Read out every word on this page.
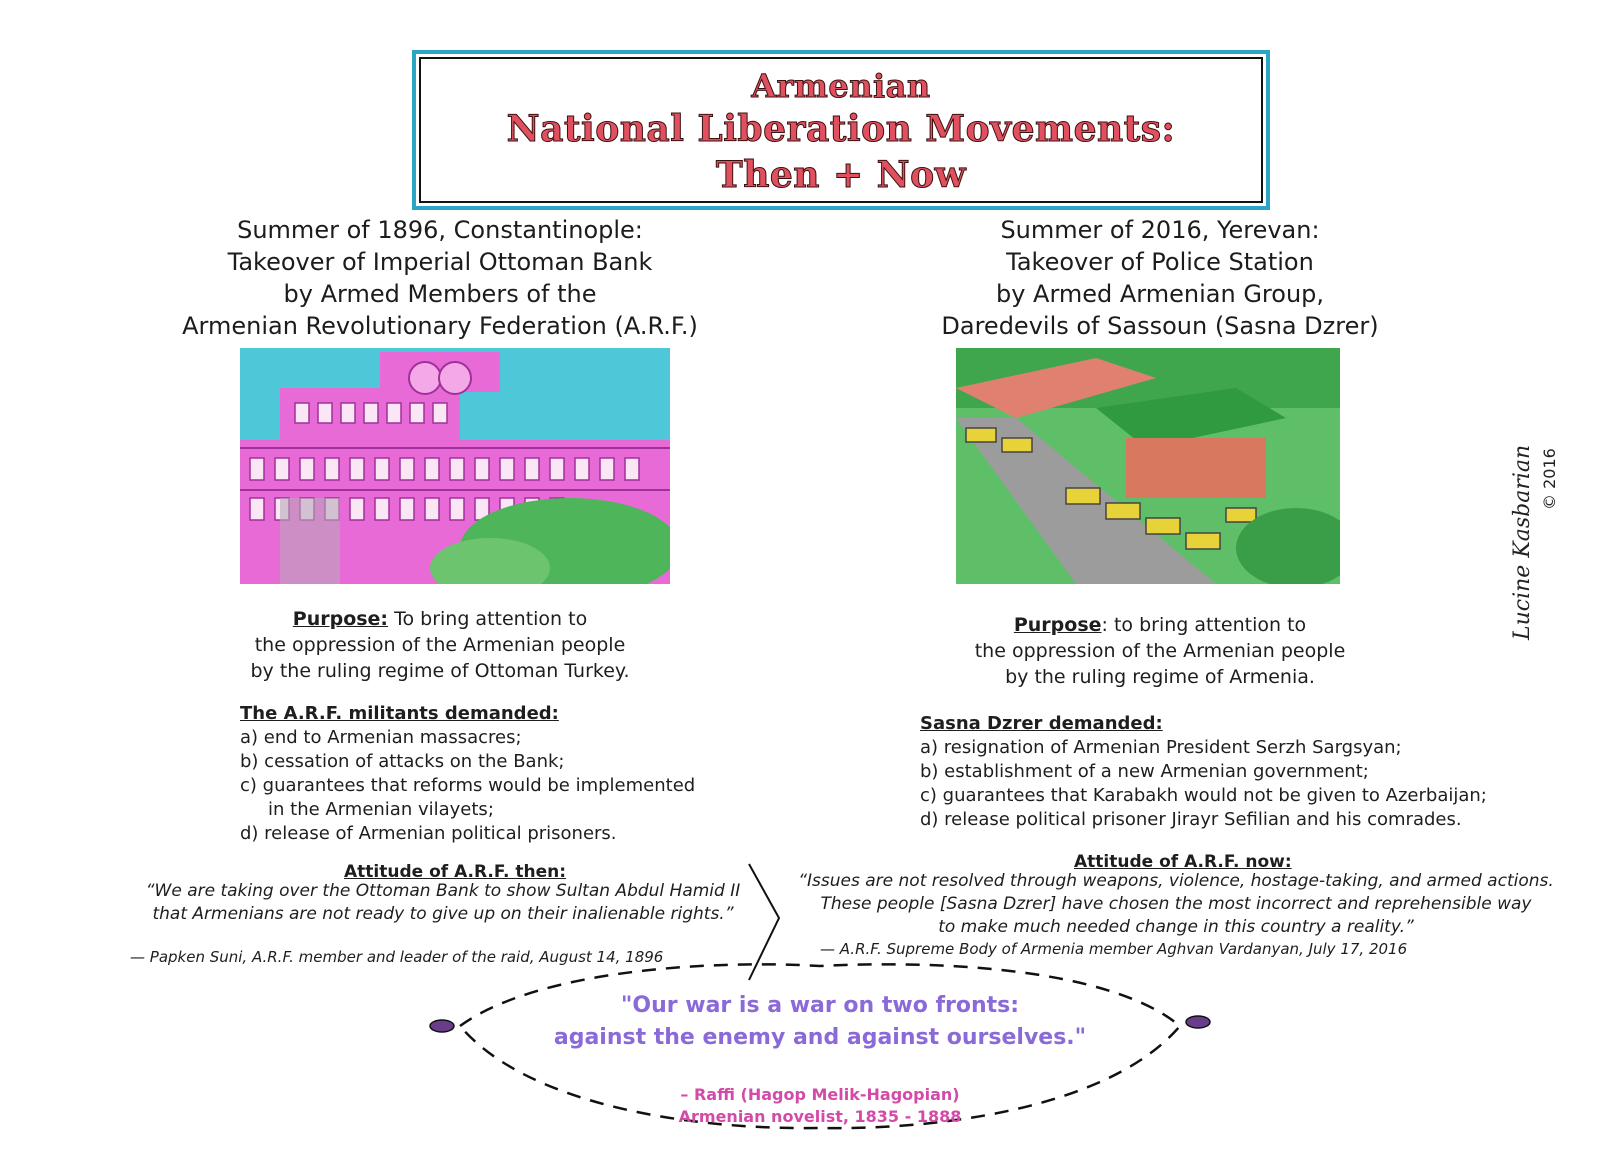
Armenian
National Liberation Movements:
Then + Now
Summer of 1896, Constantinople:
Takeover of Imperial Ottoman Bank
by Armed Members of the
Armenian Revolutionary Federation (A.R.F.)
Summer of 2016, Yerevan:
Takeover of Police Station
by Armed Armenian Group,
Daredevils of Sassoun (Sasna Dzrer)
Purpose: To bring attention to
the oppression of the Armenian people
by the ruling regime of Ottoman Turkey.
Purpose: to bring attention to
the oppression of the Armenian people
by the ruling regime of Armenia.
The A.R.F. militants demanded:
a) end to Armenian massacres;
b) cessation of attacks on the Bank;
c) guarantees that reforms would be implemented
in the Armenian vilayets;
d) release of Armenian political prisoners.
Sasna Dzrer demanded:
a) resignation of Armenian President Serzh Sargsyan;
b) establishment of a new Armenian government;
c) guarantees that Karabakh would not be given to Azerbaijan;
d) release political prisoner Jirayr Sefilian and his comrades.
Attitude of A.R.F. then:	Attitude of A.R.F. now:
“We are taking over the Ottoman Bank to show Sultan Abdul Hamid II
that Armenians are not ready to give up on their inalienable rights.”
“Issues are not resolved through weapons, violence, hostage-taking, and armed actions.
These people [Sasna Dzrer] have chosen the most incorrect and reprehensible way
to make much needed change in this country a reality.”
— Papken Suni, A.R.F. member and leader of the raid, August 14, 1896	— A.R.F. Supreme Body of Armenia member Aghvan Vardanyan, July 17, 2016
"Our war is a war on two fronts:
against the enemy and against ourselves."
– Raffi (Hagop Melik-Hagopian)
Armenian novelist, 1835 - 1888
Lucine Kasbarian © 2016
